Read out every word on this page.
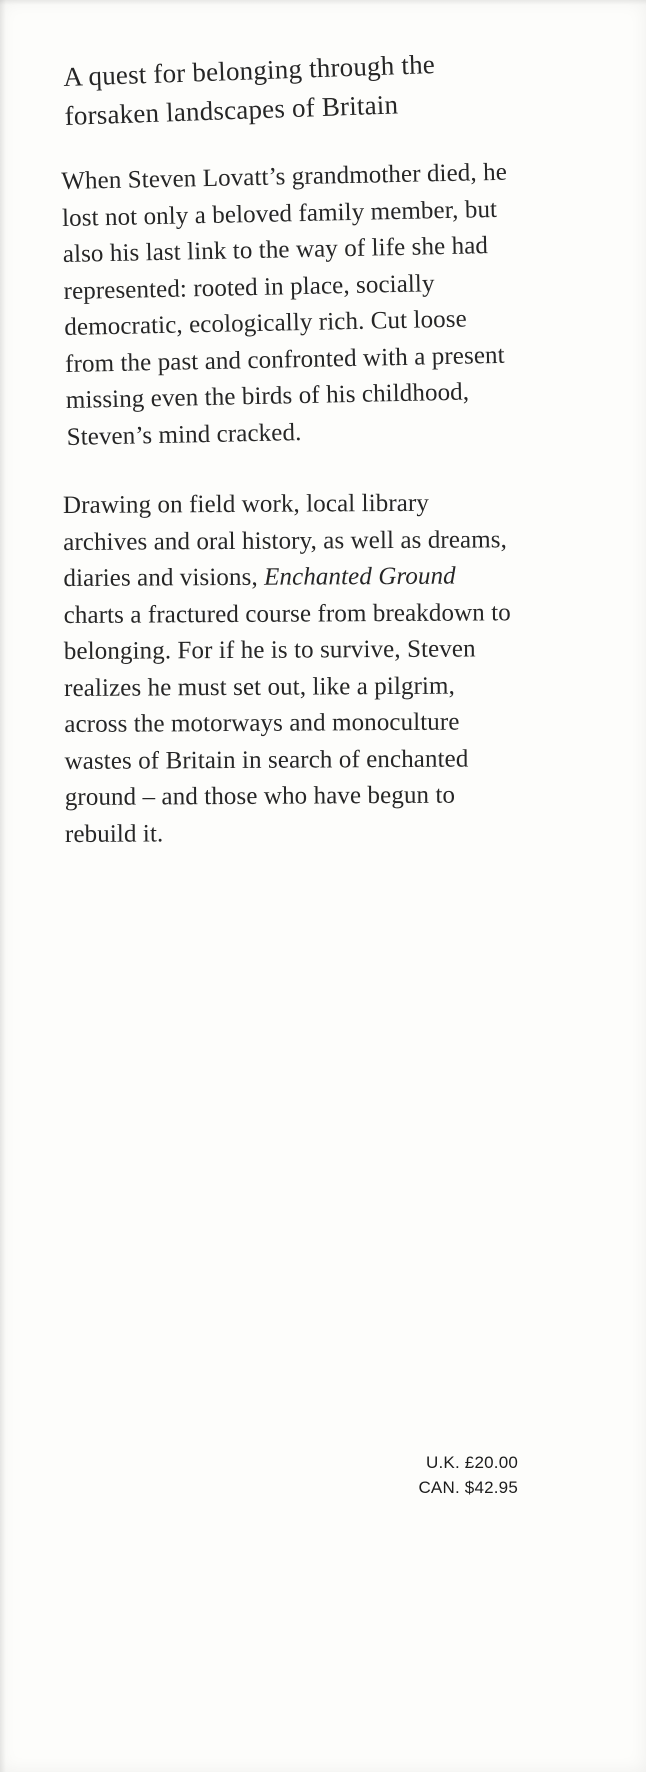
A quest for belonging through the forsaken landscapes of Britain

When Steven Lovatt’s grandmother died, he lost not only a beloved family member, but also his last link to the way of life she had represented: rooted in place, socially democratic, ecologically rich. Cut loose from the past and confronted with a present missing even the birds of his childhood, Steven’s mind cracked.

Drawing on field work, local library archives and oral history, as well as dreams, diaries and visions, Enchanted Ground charts a fractured course from breakdown to belonging. For if he is to survive, Steven realizes he must set out, like a pilgrim, across the motorways and monoculture wastes of Britain in search of enchanted ground – and those who have begun to rebuild it.

U.K. £20.00
CAN. $42.95
